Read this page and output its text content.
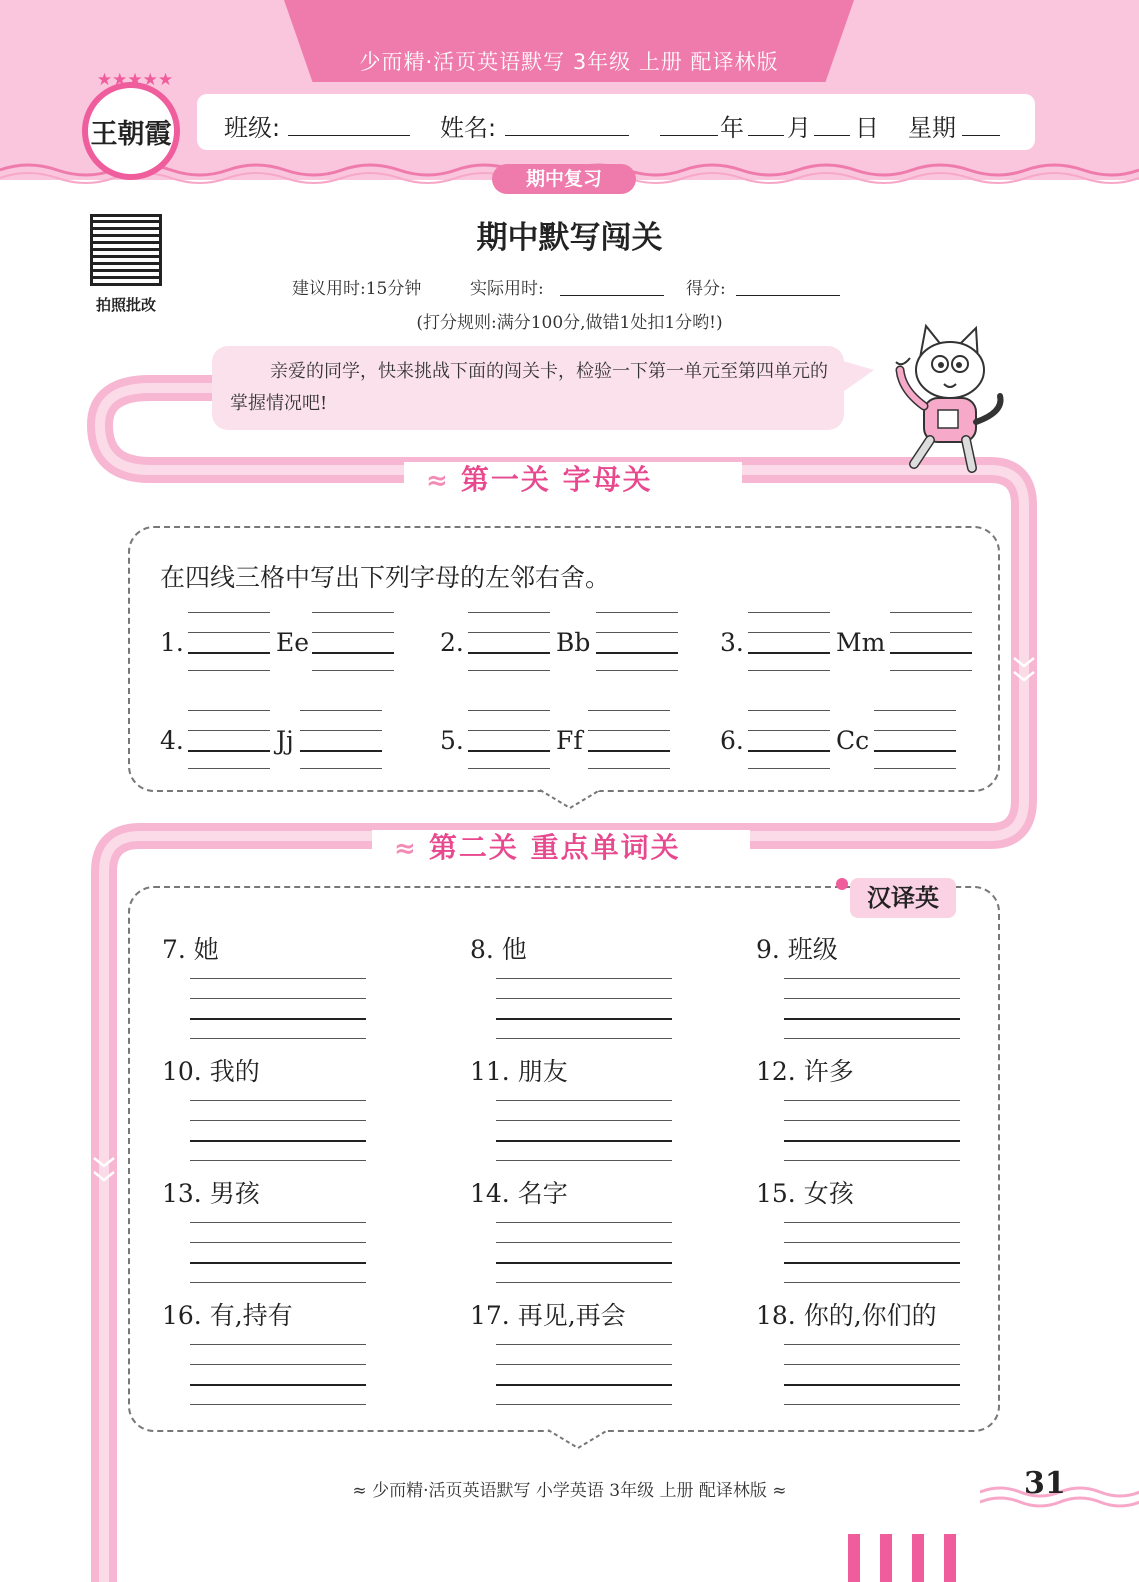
少而精·活页英语默写 3年级 上册 配译林版
班级:	姓名:	年 月 日 星期
★★★★★
王朝霞
期中复习
拍照批改
期中默写闯关
建议用时:15分钟	实际用时:	得分:
(打分规则:满分100分,做错1处扣1分哟!)
亲爱的同学，快来挑战下面的闯关卡，检验一下第一单元至第四单元的掌握情况吧!
≈ 第一关 字母关
在四线三格中写出下列字母的左邻右舍。
1.	Ee	2.	Bb	3.	Mm
4.	Jj	5.	Ff	6.	Cc
≈ 第二关 重点单词关
汉译英
7. 她	8. 他	9. 班级
10. 我的	11. 朋友	12. 许多
13. 男孩	14. 名字	15. 女孩
16. 有,持有	17. 再见,再会	18. 你的,你们的
≈ 少而精·活页英语默写 小学英语 3年级 上册 配译林版 ≈	31
